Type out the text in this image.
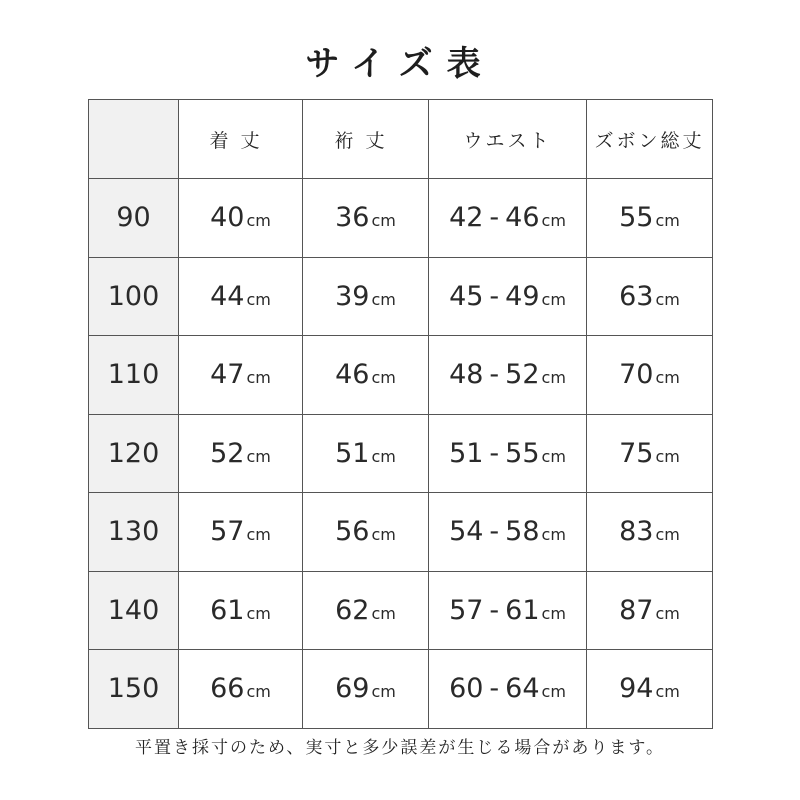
サイズ表
	着丈	裄丈	ウエスト	ズボン総丈
90	40 cm	36 cm	42 - 46 cm	55 cm
100	44 cm	39 cm	45 - 49 cm	63 cm
110	47 cm	46 cm	48 - 52 cm	70 cm
120	52 cm	51 cm	51 - 55 cm	75 cm
130	57 cm	56 cm	54 - 58 cm	83 cm
140	61 cm	62 cm	57 - 61 cm	87 cm
150	66 cm	69 cm	60 - 64 cm	94 cm
平置き採寸のため、実寸と多少誤差が生じる場合があります。
